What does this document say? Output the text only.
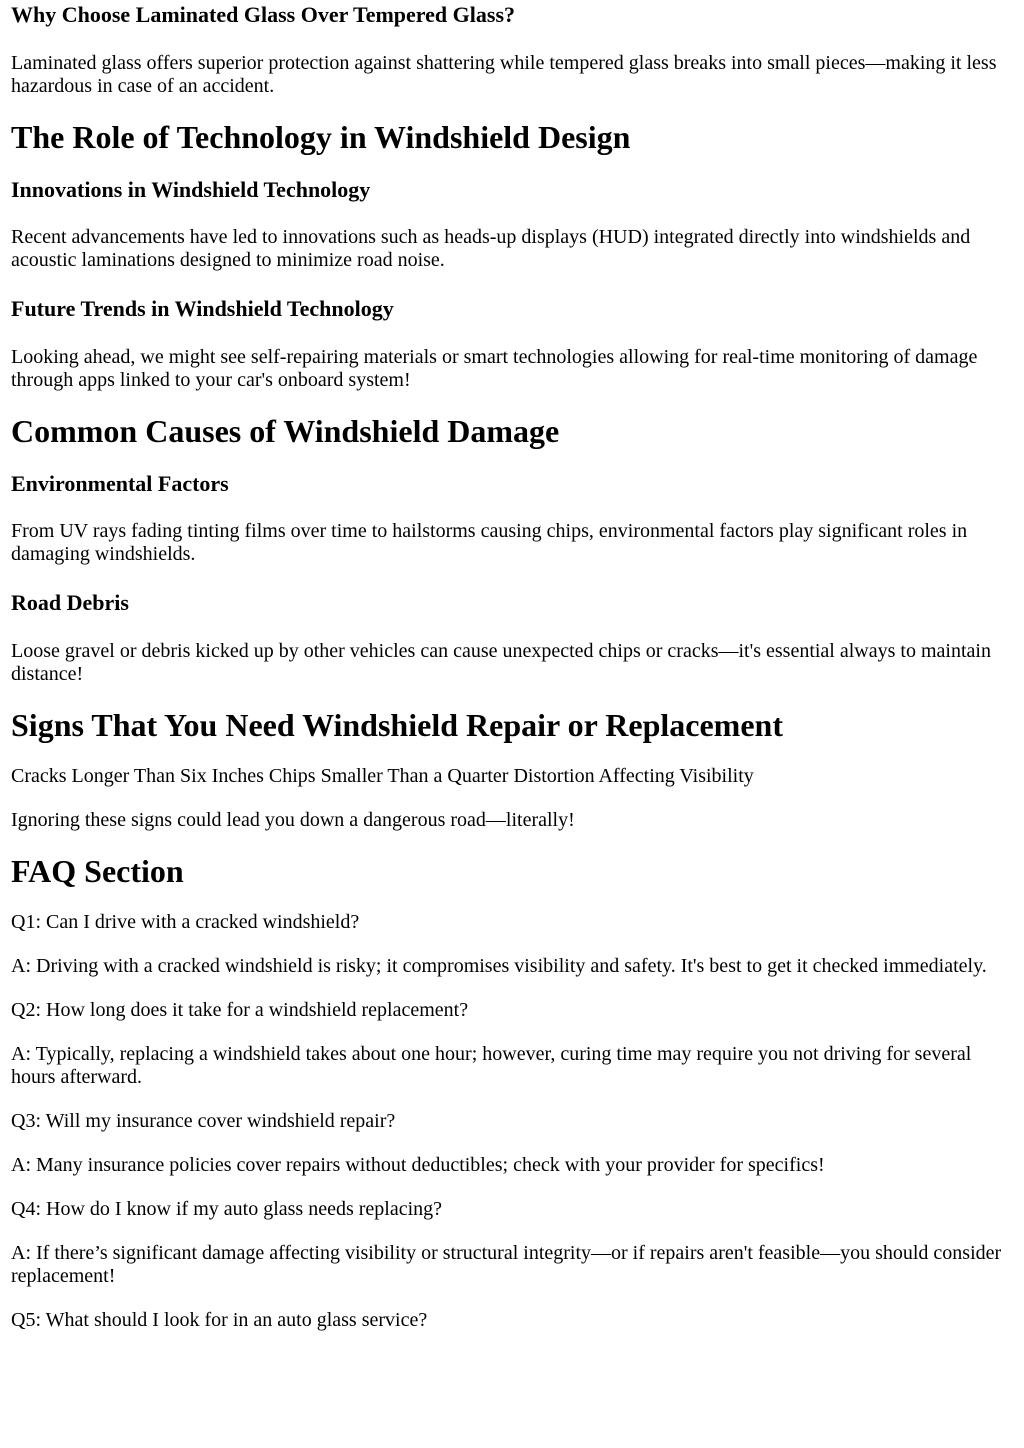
Why Choose Laminated Glass Over Tempered Glass?

Laminated glass offers superior protection against shattering while tempered glass breaks into small pieces—making it less hazardous in case of an accident.

The Role of Technology in Windshield Design
Innovations in Windshield Technology

Recent advancements have led to innovations such as heads-up displays (HUD) integrated directly into windshields and acoustic laminations designed to minimize road noise.

Future Trends in Windshield Technology

Looking ahead, we might see self-repairing materials or smart technologies allowing for real-time monitoring of damage through apps linked to your car's onboard system!

Common Causes of Windshield Damage
Environmental Factors

From UV rays fading tinting films over time to hailstorms causing chips, environmental factors play significant roles in damaging windshields.

Road Debris

Loose gravel or debris kicked up by other vehicles can cause unexpected chips or cracks—it's essential always to maintain distance!

Signs That You Need Windshield Repair or Replacement

Cracks Longer Than Six Inches Chips Smaller Than a Quarter Distortion Affecting Visibility

Ignoring these signs could lead you down a dangerous road—literally!

FAQ Section

Q1: Can I drive with a cracked windshield?

A: Driving with a cracked windshield is risky; it compromises visibility and safety. It's best to get it checked immediately.

Q2: How long does it take for a windshield replacement?

A: Typically, replacing a windshield takes about one hour; however, curing time may require you not driving for several hours afterward.

Q3: Will my insurance cover windshield repair?

A: Many insurance policies cover repairs without deductibles; check with your provider for specifics!

Q4: How do I know if my auto glass needs replacing?

A: If there’s significant damage affecting visibility or structural integrity—or if repairs aren't feasible—you should consider replacement!

Q5: What should I look for in an auto glass service?
